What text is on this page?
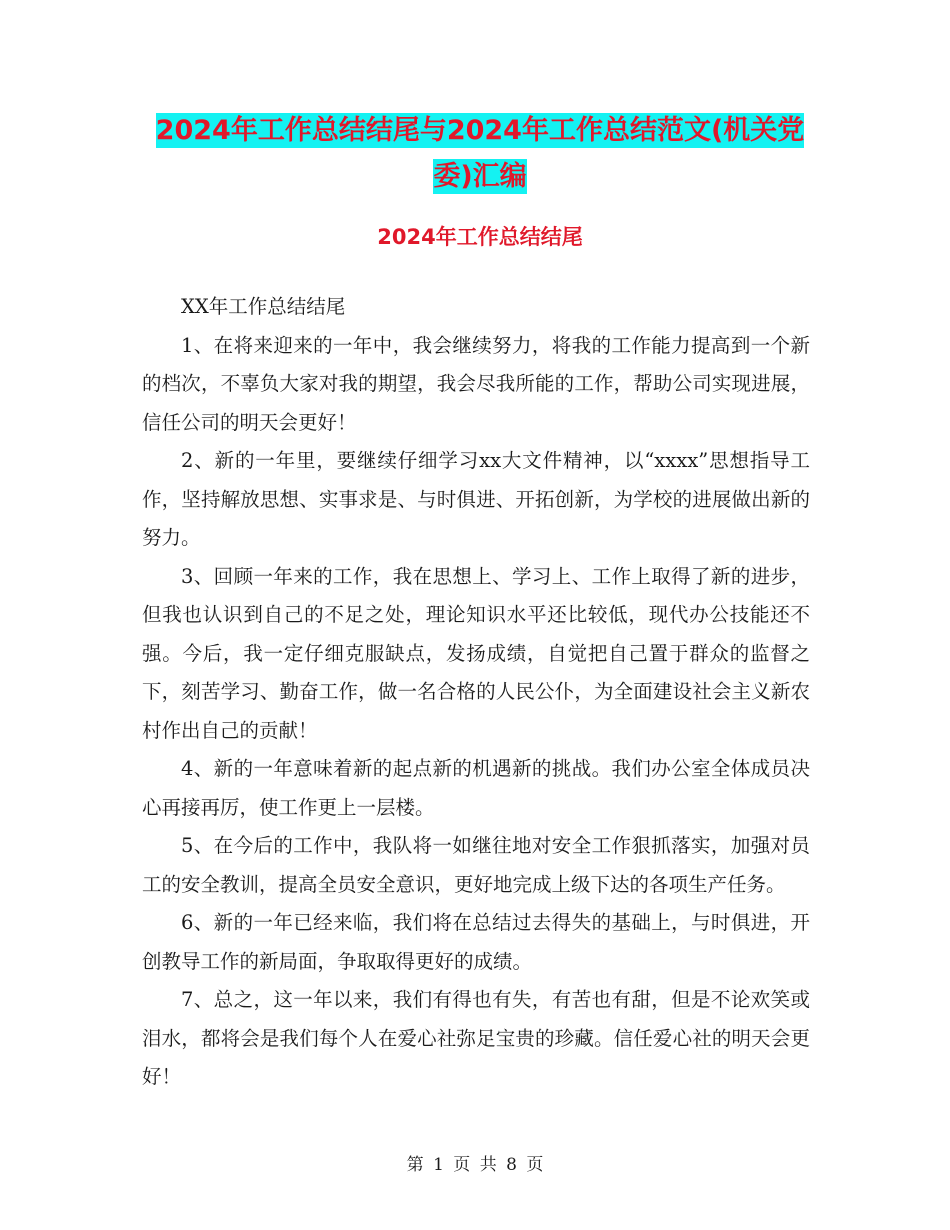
2024年工作总结结尾与2024年工作总结范文(机关党委)汇编
2024年工作总结结尾

XX年工作总结结尾

1、在将来迎来的一年中，我会继续努力，将我的工作能力提高到一个新的档次，不辜负大家对我的期望，我会尽我所能的工作，帮助公司实现进展，信任公司的明天会更好！

2、新的一年里，要继续仔细学习xx大文件精神，以“xxxx”思想指导工作，坚持解放思想、实事求是、与时俱进、开拓创新，为学校的进展做出新的努力。

3、回顾一年来的工作，我在思想上、学习上、工作上取得了新的进步，但我也认识到自己的不足之处，理论知识水平还比较低，现代办公技能还不强。今后，我一定仔细克服缺点，发扬成绩，自觉把自己置于群众的监督之下，刻苦学习、勤奋工作，做一名合格的人民公仆，为全面建设社会主义新农村作出自己的贡献！

4、新的一年意味着新的起点新的机遇新的挑战。我们办公室全体成员决心再接再厉，使工作更上一层楼。

5、在今后的工作中，我队将一如继往地对安全工作狠抓落实，加强对员工的安全教训，提高全员安全意识，更好地完成上级下达的各项生产任务。

6、新的一年已经来临，我们将在总结过去得失的基础上，与时俱进，开创教导工作的新局面，争取取得更好的成绩。

7、总之，这一年以来，我们有得也有失，有苦也有甜，但是不论欢笑或泪水，都将会是我们每个人在爱心社弥足宝贵的珍藏。信任爱心社的明天会更好！

第 1 页 共 8 页
